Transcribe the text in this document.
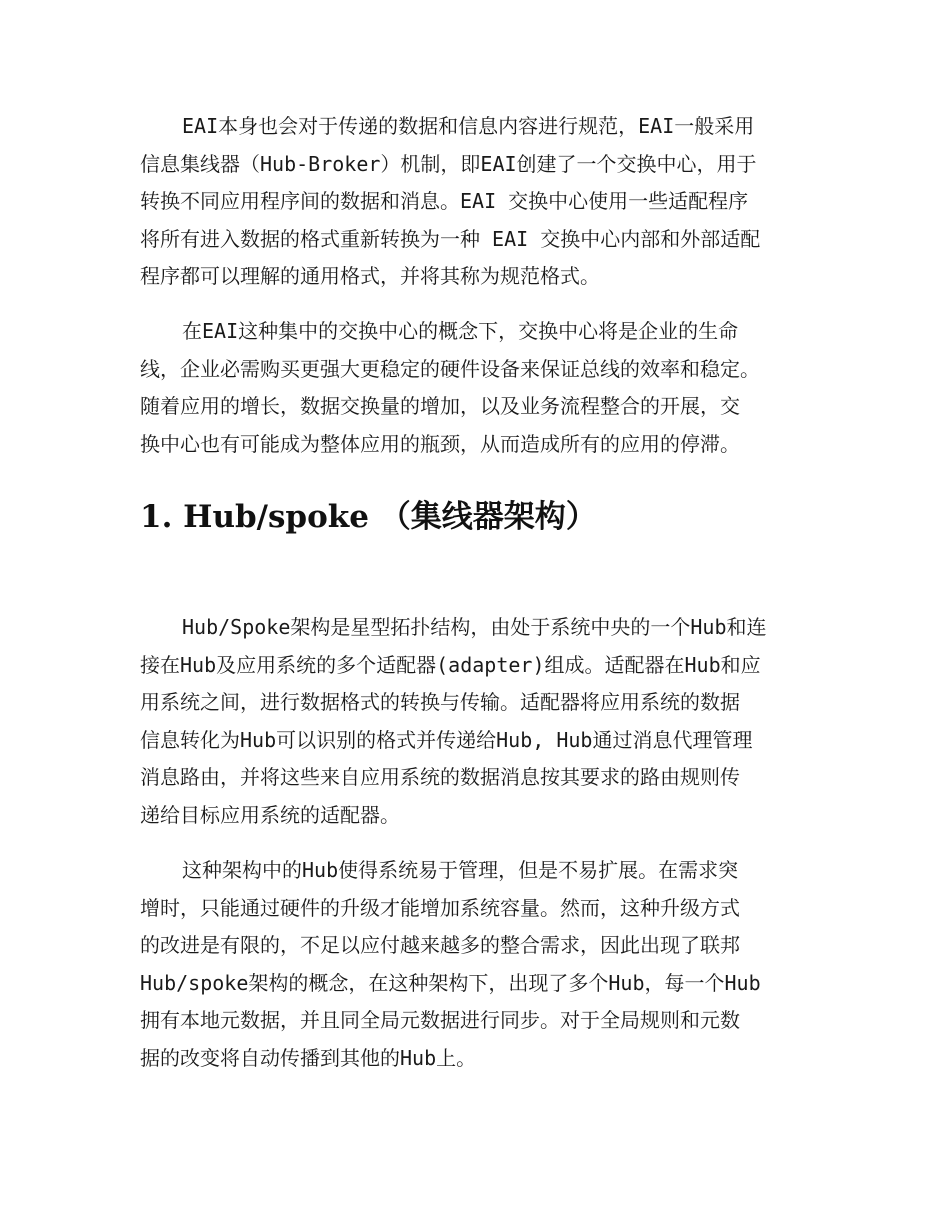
EAI本身也会对于传递的数据和信息内容进行规范，EAI一般采用
信息集线器（Hub-Broker）机制，即EAI创建了一个交换中心，用于
转换不同应用程序间的数据和消息。EAI 交换中心使用一些适配程序
将所有进入数据的格式重新转换为一种 EAI 交换中心内部和外部适配
程序都可以理解的通用格式，并将其称为规范格式。
在EAI这种集中的交换中心的概念下，交换中心将是企业的生命
线，企业必需购买更强大更稳定的硬件设备来保证总线的效率和稳定。
随着应用的增长，数据交换量的增加，以及业务流程整合的开展，交
换中心也有可能成为整体应用的瓶颈，从而造成所有的应用的停滞。
1. Hub/spoke （集线器架构）
Hub/Spoke架构是星型拓扑结构，由处于系统中央的一个Hub和连
接在Hub及应用系统的多个适配器(adapter)组成。适配器在Hub和应
用系统之间，进行数据格式的转换与传输。适配器将应用系统的数据
信息转化为Hub可以识别的格式并传递给Hub, Hub通过消息代理管理
消息路由，并将这些来自应用系统的数据消息按其要求的路由规则传
递给目标应用系统的适配器。
这种架构中的Hub使得系统易于管理，但是不易扩展。在需求突
增时，只能通过硬件的升级才能增加系统容量。然而，这种升级方式
的改进是有限的，不足以应付越来越多的整合需求，因此出现了联邦
Hub/spoke架构的概念，在这种架构下，出现了多个Hub，每一个Hub
拥有本地元数据，并且同全局元数据进行同步。对于全局规则和元数
据的改变将自动传播到其他的Hub上。
